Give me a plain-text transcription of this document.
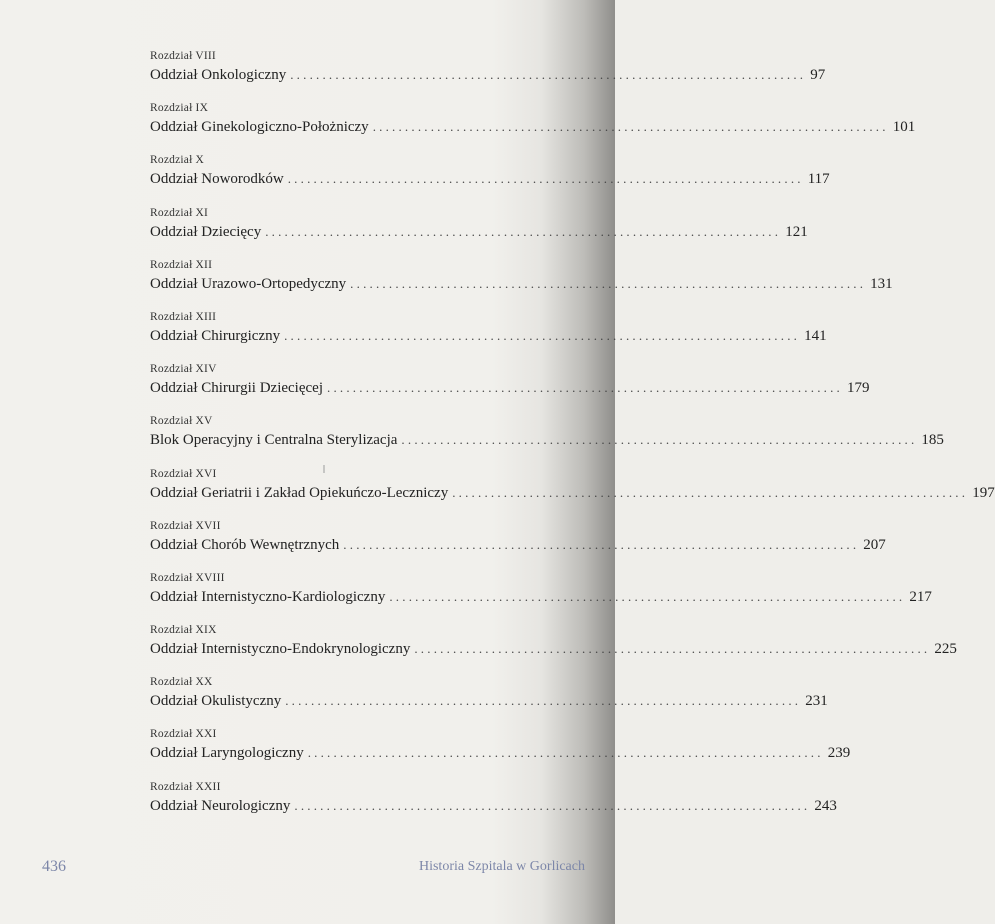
Rozdział VIII
Oddział Onkologiczny ................................................................................ 97
Rozdział IX
Oddział Ginekologiczno-Położniczy ................................................................................ 101
Rozdział X
Oddział Noworodków ................................................................................ 117
Rozdział XI
Oddział Dziecięcy ................................................................................ 121
Rozdział XII
Oddział Urazowo-Ortopedyczny ................................................................................ 131
Rozdział XIII
Oddział Chirurgiczny ................................................................................ 141
Rozdział XIV
Oddział Chirurgii Dziecięcej ................................................................................ 179
Rozdział XV
Blok Operacyjny i Centralna Sterylizacja ................................................................................ 185
Rozdział XVI
Oddział Geriatrii i Zakład Opiekuńczo-Leczniczy ................................................................................ 197
Rozdział XVII
Oddział Chorób Wewnętrznych ................................................................................ 207
Rozdział XVIII
Oddział Internistyczno-Kardiologiczny ................................................................................ 217
Rozdział XIX
Oddział Internistyczno-Endokrynologiczny ................................................................................ 225
Rozdział XX
Oddział Okulistyczny ................................................................................ 231
Rozdział XXI
Oddział Laryngologiczny ................................................................................ 239
Rozdział XXII
Oddział Neurologiczny ................................................................................ 243
436	Historia Szpitala w Gorlicach
